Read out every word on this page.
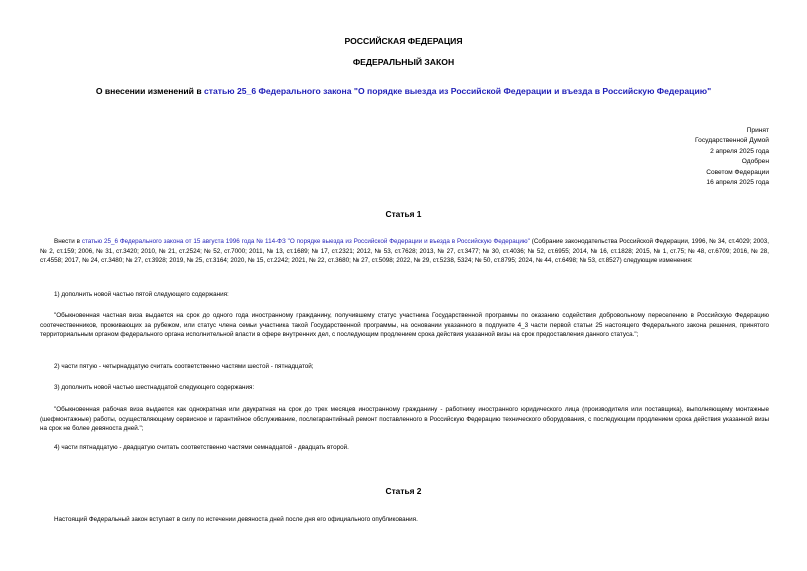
РОССИЙСКАЯ ФЕДЕРАЦИЯ
ФЕДЕРАЛЬНЫЙ ЗАКОН
О внесении изменений в статью 25_6 Федерального закона "О порядке выезда из Российской Федерации и въезда в Российскую Федерацию"
Принят
Государственной Думой
2 апреля 2025 года
Одобрен
Советом Федерации
16 апреля 2025 года
Статья 1
Внести в статью 25_6 Федерального закона от 15 августа 1996 года № 114-ФЗ "О порядке выезда из Российской Федерации и въезда в Российскую Федерацию" (Собрание законодательства Российской Федерации, 1996, № 34, ст.4029; 2003, № 2, ст.159; 2006, № 31, ст.3420; 2010, № 21, ст.2524; № 52, ст.7000; 2011, № 13, ст.1689; № 17, ст.2321; 2012, № 53, ст.7628; 2013, № 27, ст.3477; № 30, ст.4036; № 52, ст.6955; 2014, № 16, ст.1828; 2015, № 1, ст.75; № 48, ст.6709; 2016, № 28, ст.4558; 2017, № 24, ст.3480; № 27, ст.3928; 2019, № 25, ст.3164; 2020, № 15, ст.2242; 2021, № 22, ст.3680; № 27, ст.5098; 2022, № 29, ст.5238, 5324; № 50, ст.8795; 2024, № 44, ст.6498; № 53, ст.8527) следующие изменения:
1) дополнить новой частью пятой следующего содержания:
"Обыкновенная частная виза выдается на срок до одного года иностранному гражданину, получившему статус участника Государственной программы по оказанию содействия добровольному переселению в Российскую Федерацию соотечественников, проживающих за рубежом, или статус члена семьи участника такой Государственной программы, на основании указанного в подпункте 4_3 части первой статьи 25 настоящего Федерального закона решения, принятого территориальным органом федерального органа исполнительной власти в сфере внутренних дел, с последующим продлением срока действия указанной визы на срок предоставления данного статуса.";
2) части пятую - четырнадцатую считать соответственно частями шестой - пятнадцатой;
3) дополнить новой частью шестнадцатой следующего содержания:
"Обыкновенная рабочая виза выдается как однократная или двукратная на срок до трех месяцев иностранному гражданину - работнику иностранного юридического лица (производителя или поставщика), выполняющему монтажные (шефмонтажные) работы, осуществляющему сервисное и гарантийное обслуживание, послегарантийный ремонт поставленного в Российскую Федерацию технического оборудования, с последующим продлением срока действия указанной визы на срок не более девяноста дней.";
4) части пятнадцатую - двадцатую считать соответственно частями семнадцатой - двадцать второй.
Статья 2
Настоящий Федеральный закон вступает в силу по истечении девяноста дней после дня его официального опубликования.
